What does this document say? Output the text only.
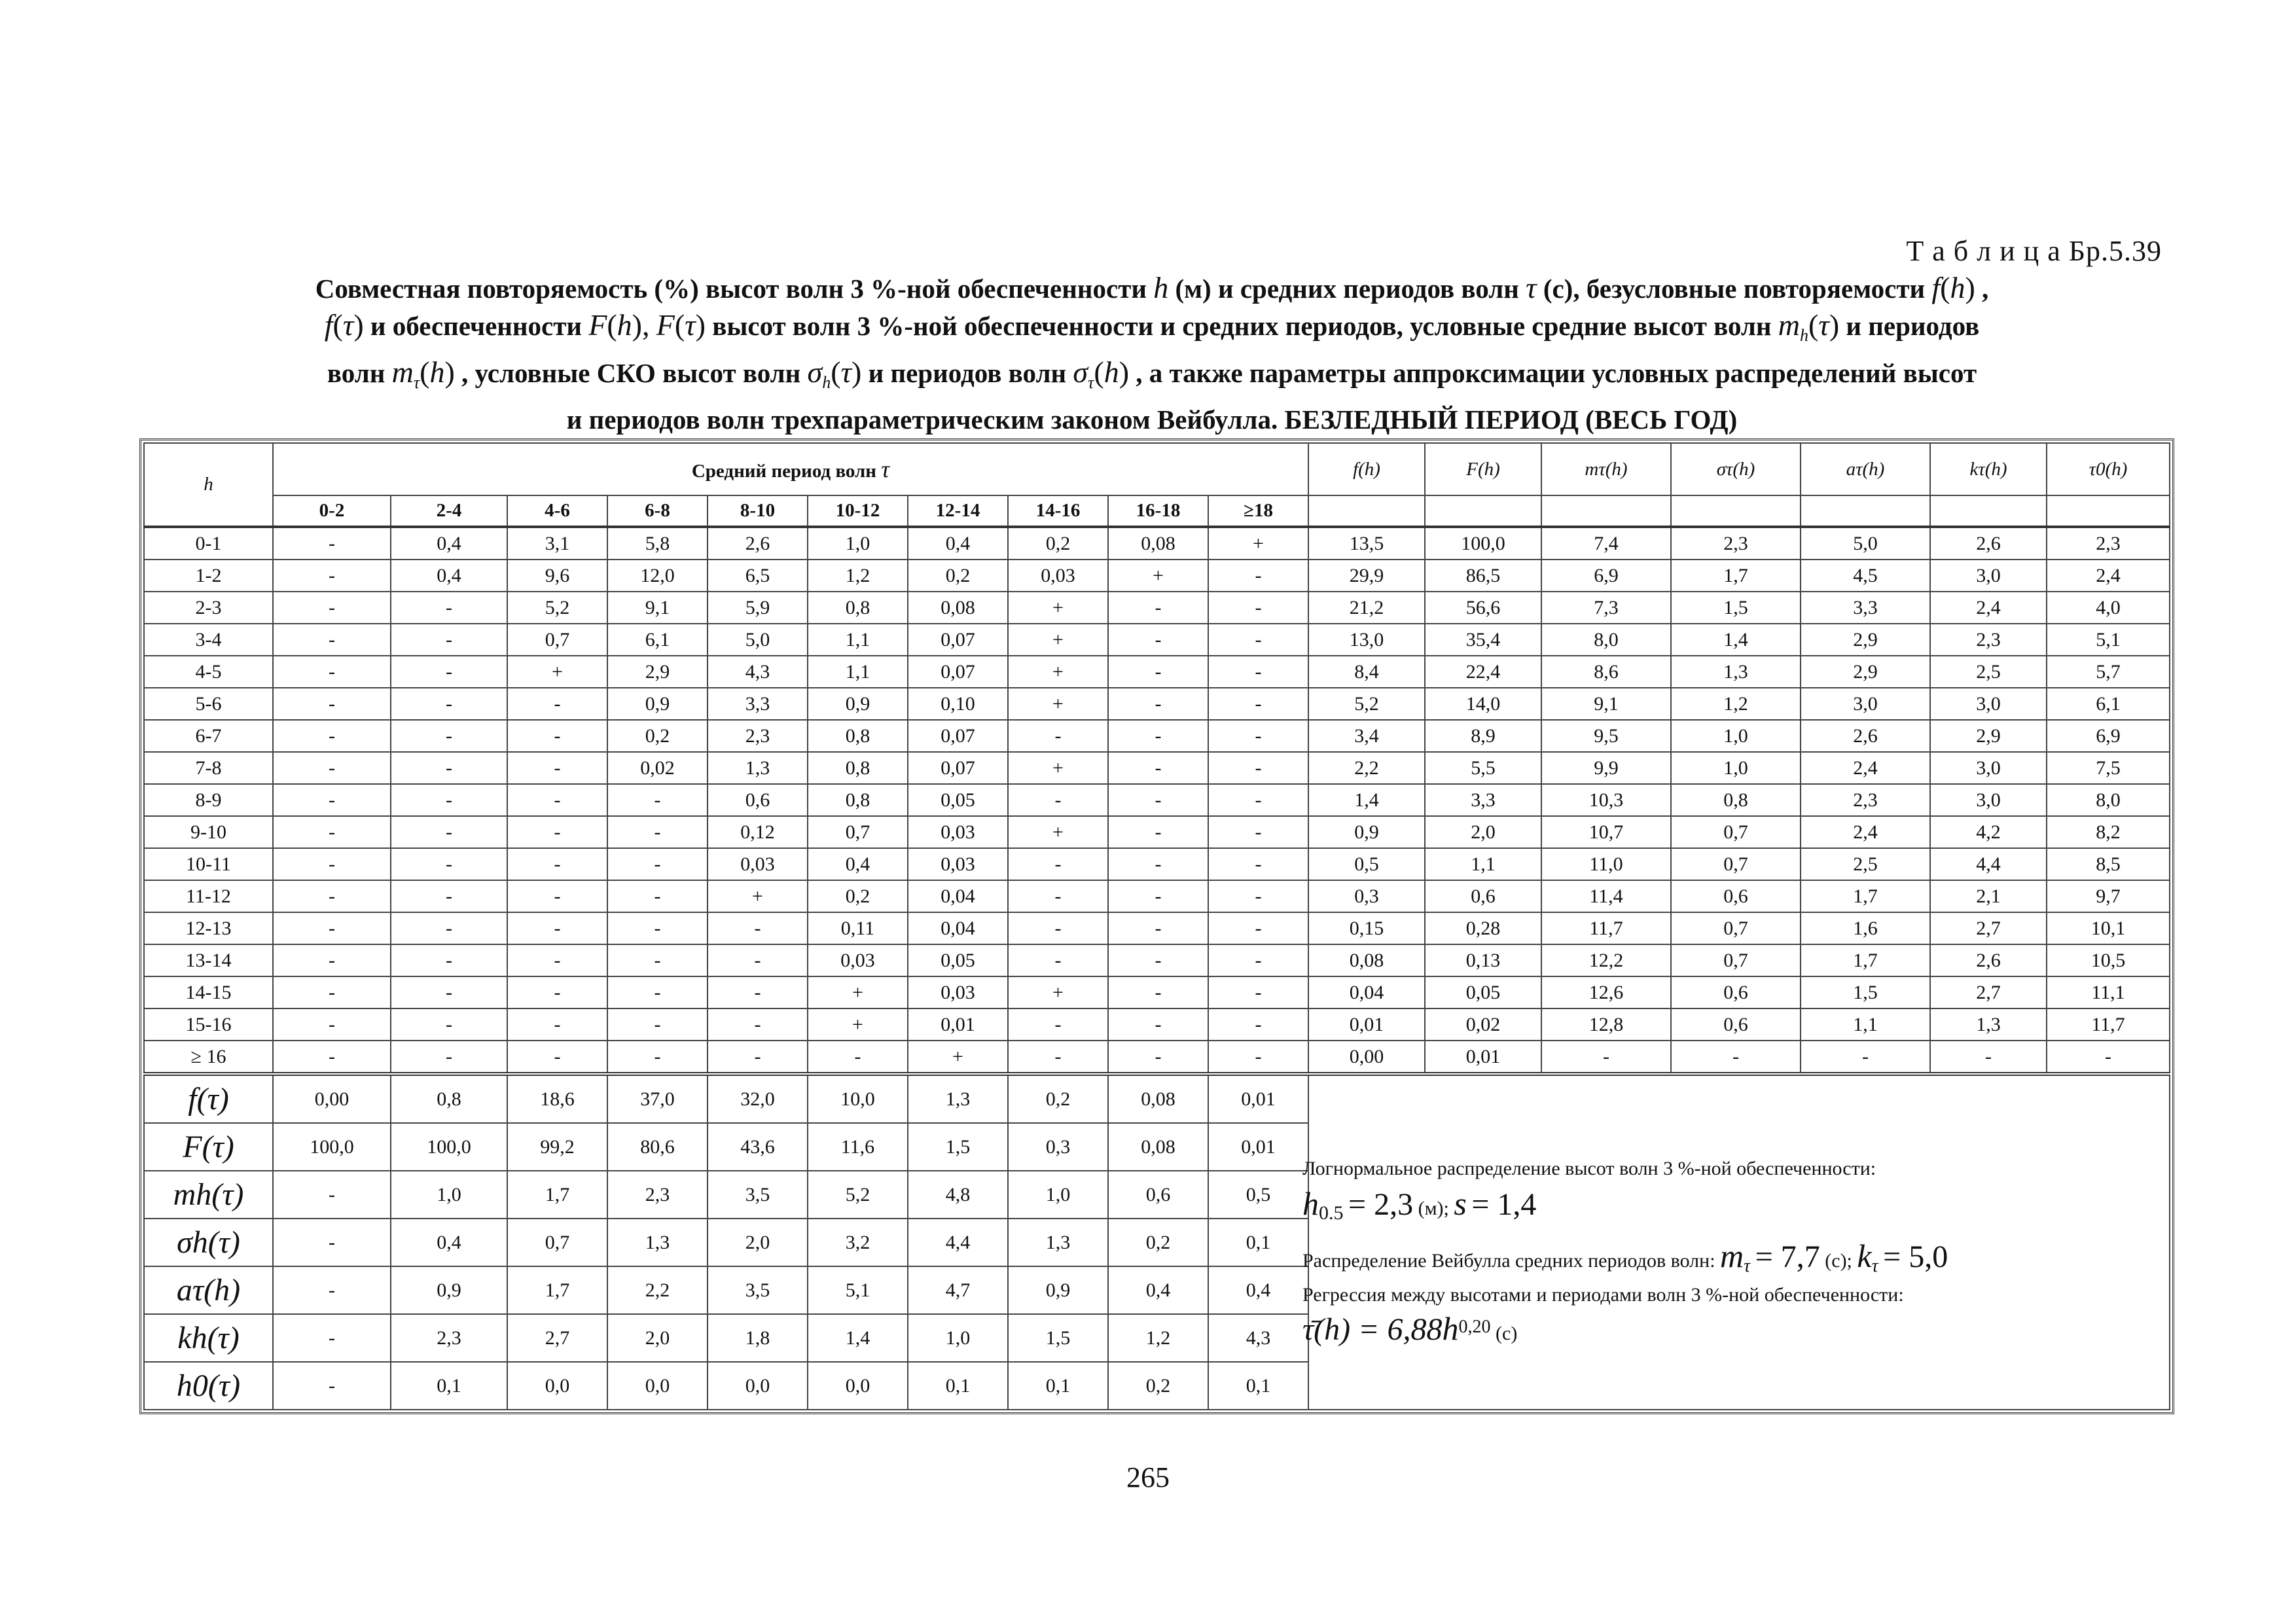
Т а б л и ц а Бр.5.39
Совместная повторяемость (%) высот волн 3 %-ной обеспеченности h (м) и средних периодов волн τ (с), безусловные повторяемости f(h) ,
f(τ) и обеспеченности F(h), F(τ) высот волн 3 %-ной обеспеченности и средних периодов, условные средние высот волн $m_h(\tau)$ и периодов
волн $m_\tau(h)$ , условные СКО высот волн $\sigma_h(\tau)$ и периодов волн $\sigma_\tau(h)$ , а также параметры аппроксимации условных распределений высот
и периодов волн трехпараметрическим законом Вейбулла. БЕЗЛЕДНЫЙ ПЕРИОД (ВЕСЬ ГОД)
h	Средний период волн τ										f(h)	F(h)	mτ(h)	στ(h)	aτ(h)	kτ(h)	τ0(h)
	0-2	2-4	4-6	6-8	8-10	10-12	12-14	14-16	16-18	≥18							
0-1	-	0,4	3,1	5,8	2,6	1,0	0,4	0,2	0,08	+	13,5	100,0	7,4	2,3	5,0	2,6	2,3
1-2	-	0,4	9,6	12,0	6,5	1,2	0,2	0,03	+	-	29,9	86,5	6,9	1,7	4,5	3,0	2,4
2-3	-	-	5,2	9,1	5,9	0,8	0,08	+	-	-	21,2	56,6	7,3	1,5	3,3	2,4	4,0
3-4	-	-	0,7	6,1	5,0	1,1	0,07	+	-	-	13,0	35,4	8,0	1,4	2,9	2,3	5,1
4-5	-	-	+	2,9	4,3	1,1	0,07	+	-	-	8,4	22,4	8,6	1,3	2,9	2,5	5,7
5-6	-	-	-	0,9	3,3	0,9	0,10	+	-	-	5,2	14,0	9,1	1,2	3,0	3,0	6,1
6-7	-	-	-	0,2	2,3	0,8	0,07	-	-	-	3,4	8,9	9,5	1,0	2,6	2,9	6,9
7-8	-	-	-	0,02	1,3	0,8	0,07	+	-	-	2,2	5,5	9,9	1,0	2,4	3,0	7,5
8-9	-	-	-	-	0,6	0,8	0,05	-	-	-	1,4	3,3	10,3	0,8	2,3	3,0	8,0
9-10	-	-	-	-	0,12	0,7	0,03	+	-	-	0,9	2,0	10,7	0,7	2,4	4,2	8,2
10-11	-	-	-	-	0,03	0,4	0,03	-	-	-	0,5	1,1	11,0	0,7	2,5	4,4	8,5
11-12	-	-	-	-	+	0,2	0,04	-	-	-	0,3	0,6	11,4	0,6	1,7	2,1	9,7
12-13	-	-	-	-	-	0,11	0,04	-	-	-	0,15	0,28	11,7	0,7	1,6	2,7	10,1
13-14	-	-	-	-	-	0,03	0,05	-	-	-	0,08	0,13	12,2	0,7	1,7	2,6	10,5
14-15	-	-	-	-	-	+	0,03	+	-	-	0,04	0,05	12,6	0,6	1,5	2,7	11,1
15-16	-	-	-	-	-	+	0,01	-	-	-	0,01	0,02	12,8	0,6	1,1	1,3	11,7
≥ 16	-	-	-	-	-	-	+	-	-	-	0,00	0,01	-	-	-	-	-
f(τ)	0,00	0,8	18,6	37,0	32,0	10,0	1,3	0,2	0,08	0,01							
F(τ)	100,0	100,0	99,2	80,6	43,6	11,6	1,5	0,3	0,08	0,01							
mh(τ)	-	1,0	1,7	2,3	3,5	5,2	4,8	1,0	0,6	0,5							
σh(τ)	-	0,4	0,7	1,3	2,0	3,2	4,4	1,3	0,2	0,1							
aτ(h)	-	0,9	1,7	2,2	3,5	5,1	4,7	0,9	0,4	0,4							
kh(τ)	-	2,3	2,7	2,0	1,8	1,4	1,0	1,5	1,2	4,3							
h0(τ)	-	0,1	0,0	0,0	0,0	0,0	0,1	0,1	0,2	0,1							
Логнормальное распределение высот волн 3 %-ной обеспеченности:
$h_{0.5} = 2,3$ (м); s = 1,4
Распределение Вейбулла средних периодов волн: $m_\tau = 7,7$ (с); $k_\tau = 5,0$
Регрессия между высотами и периодами волн 3 %-ной обеспеченности:
τ̄(h) = $6,88h^{0,20}$ (с)
265
